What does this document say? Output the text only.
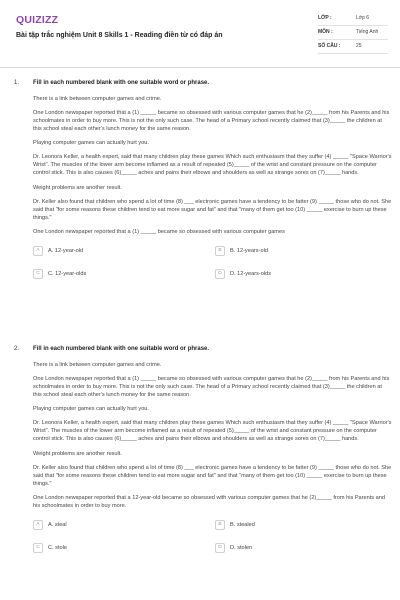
QUIZIZZ
Bài tập trắc nghiệm Unit 8 Skills 1 - Reading điền từ có đáp án
LỚP :	Lớp 6
MÔN :	Tiếng Anh
SỐ CÂU :	25
1. Fill in each numbered blank with one suitable word or phrase.

There is a link between computer games and crime.

One London newspaper reported that a (1) _____ became so obsessed with various computer games that he (2)_____ from his Parents and his schoolmates in order to buy more. This is not the only such case. The head of a Primary school recently claimed that (3)_____ the children at this school steal each other's lunch money for the same reason.

Playing computer games can actually hurt you.

Dr. Leonora Keller, a health expert, said that many children play these games Which such enthusiasm that they suffer (4) _____ "Space Warrior's Wrist". The muscles of the lower arm become inflamed as a result of repeated (5)_____ of the wrist and constant pressure on the computer control stick. This is also causes (6)_____ aches and pains their elbows and shoulders as well as strange sores on (7)_____ hands.

Weight problems are another result.

Dr. Keller also found that children who spend a lot of time (8) ___ electronic games have a tendency to be fatter (9) _____ those who do not. She said that "for some reasons these children tend to eat more sugar and fat" and that "many of them get too (10) _____ exercise to burn up these things."

One London newspaper reported that a (1) _____ became so obsessed with various computer games

A	A. 12-year-old	B	B. 12-years-old
C	C. 12-year-olds	D	D. 12-years-olds
2. Fill in each numbered blank with one suitable word or phrase.

There is a link between computer games and crime.

One London newspaper reported that a (1) _____ became so obsessed with various computer games that he (2)_____ from his Parents and his schoolmates in order to buy more. This is not the only such case. The head of a Primary school recently claimed that (3)_____ the children at this school steal each other's lunch money for the same reason.

Playing computer games can actually hurt you.

Dr. Leonora Keller, a health expert, said that many children play these games Which such enthusiasm that they suffer (4) _____ "Space Warrior's Wrist". The muscles of the lower arm become inflamed as a result of repeated (5)_____ of the wrist and constant pressure on the computer control stick. This is also causes (6)_____ aches and pains their elbows and shoulders as well as strange sores on (7)_____ hands.

Weight problems are another result.

Dr. Keller also found that children who spend a lot of time (8) ___ electronic games have a tendency to be fatter (9) _____ those who do not. She said that "for some reasons these children tend to eat more sugar and fat" and that "many of them get too (10) _____ exercise to burn up these things."

One London newspaper reported that a 12-year-old became so obsessed with various computer games that he (2)_____ from his Parents and his schoolmates in order to buy more.

A	A. steal	B	B. stealed
C	C. stole	D	D. stolen
